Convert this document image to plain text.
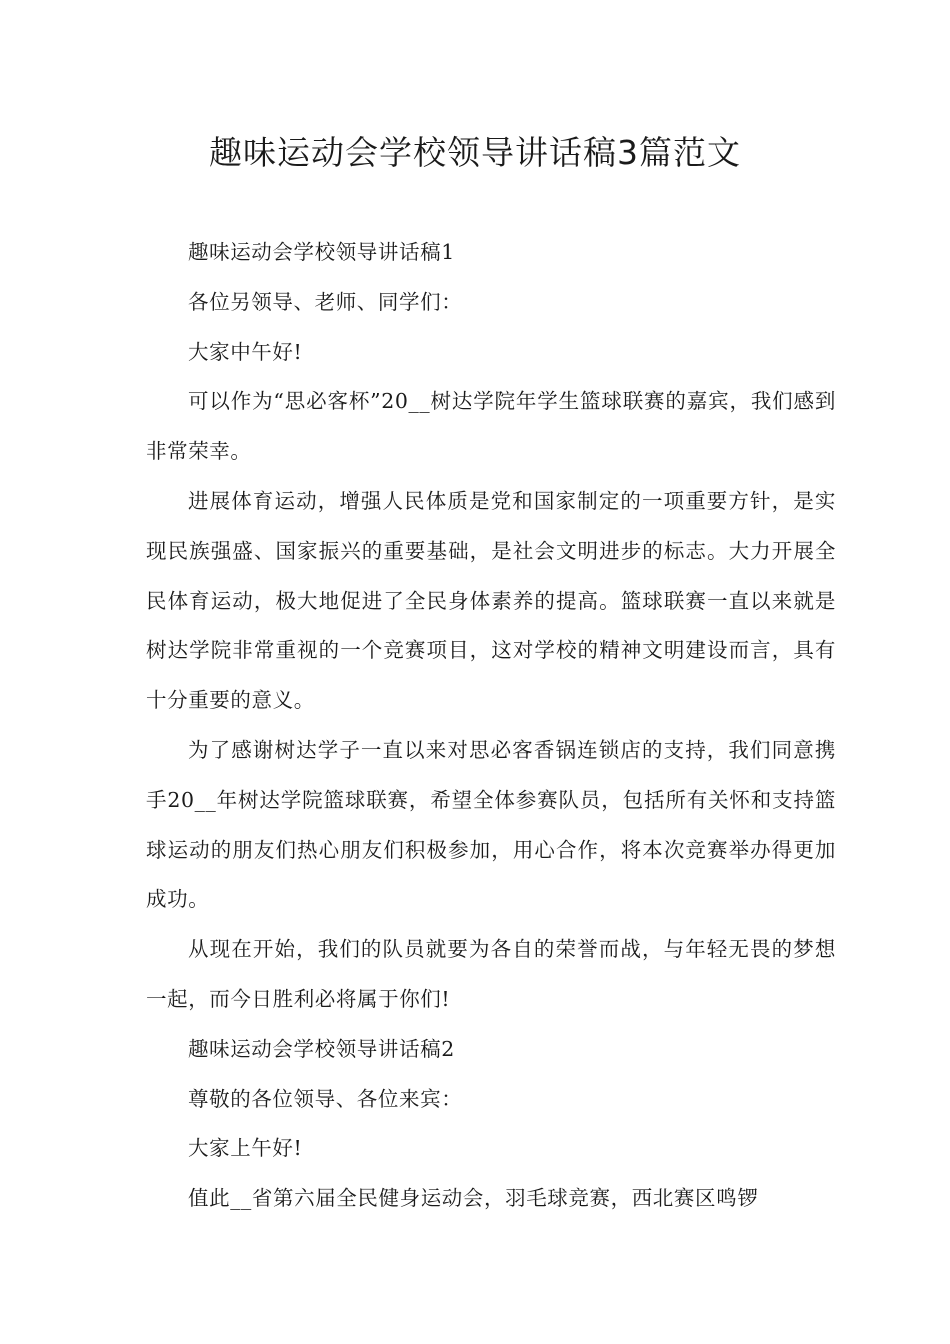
趣味运动会学校领导讲话稿3篇范文

趣味运动会学校领导讲话稿1

各位另领导、老师、同学们：

大家中午好!

可以作为“思必客杯”20__树达学院年学生篮球联赛的嘉宾，我们感到非常荣幸。

进展体育运动，增强人民体质是党和国家制定的一项重要方针，是实现民族强盛、国家振兴的重要基础，是社会文明进步的标志。大力开展全民体育运动，极大地促进了全民身体素养的提高。篮球联赛一直以来就是树达学院非常重视的一个竞赛项目，这对学校的精神文明建设而言，具有十分重要的意义。

为了感谢树达学子一直以来对思必客香锅连锁店的支持，我们同意携手20__年树达学院篮球联赛，希望全体参赛队员，包括所有关怀和支持篮球运动的朋友们热心朋友们积极参加，用心合作，将本次竞赛举办得更加成功。

从现在开始，我们的队员就要为各自的荣誉而战，与年轻无畏的梦想一起，而今日胜利必将属于你们!

趣味运动会学校领导讲话稿2

尊敬的各位领导、各位来宾：

大家上午好!

值此__省第六届全民健身运动会，羽毛球竞赛，西北赛区鸣锣
